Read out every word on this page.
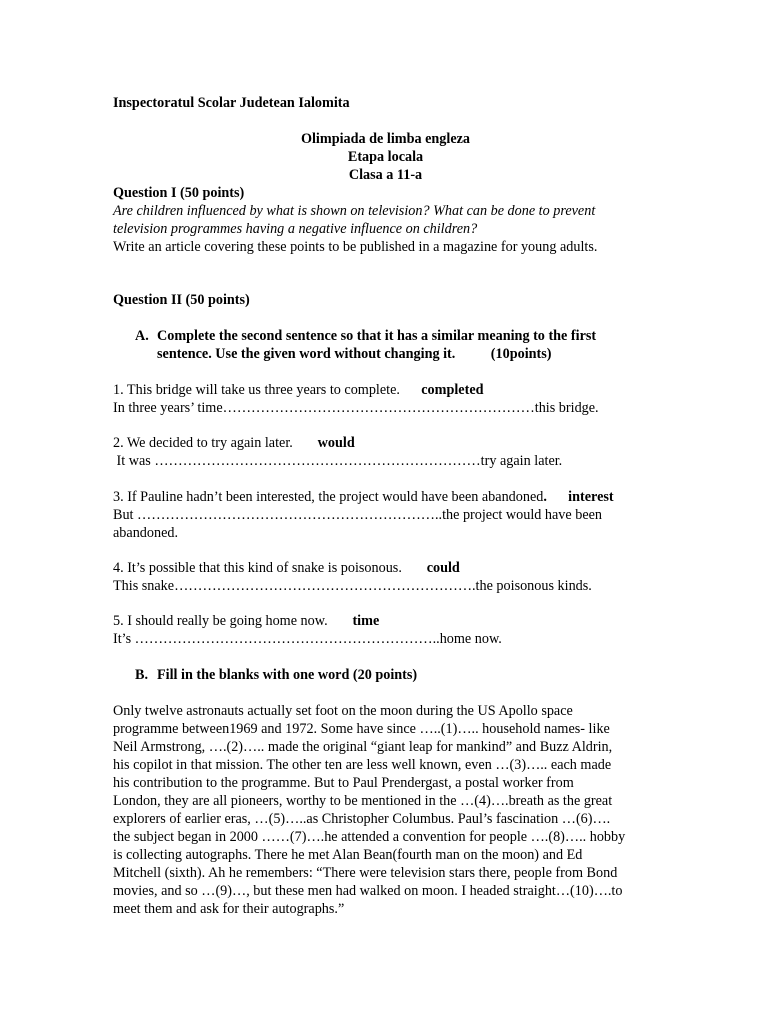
Inspectoratul Scolar Judetean Ialomita

Olimpiada de limba engleza

Etapa locala

Clasa a 11-a

Question I (50 points)

Are children influenced by what is shown on television? What can be done to prevent

television programmes having a negative influence on children?

Write an article covering these points to be published in a magazine for young adults.

Question II (50 points)

A. Complete the second sentence so that it has a similar meaning to the first

sentence. Use the given word without changing it.          (10points)

1. This bridge will take us three years to complete.      completed

In three years’ time…………………………………………………………this bridge.

2. We decided to try again later.       would

It was ……………………………………………………………try again later.

3. If Pauline hadn’t been interested, the project would have been abandoned. interest

But ………………………………………………………..the project would have been

abandoned.

4. It’s possible that this kind of snake is poisonous.       could

This snake……………………………………………………….the poisonous kinds.

5. I should really be going home now.       time

It’s ………………………………………………………..home now.

B. Fill in the blanks with one word (20 points)

Only twelve astronauts actually set foot on the moon during the US Apollo space

programme between1969 and 1972. Some have since …..(1)….. household names- like

Neil Armstrong, ….(2)….. made the original “giant leap for mankind” and Buzz Aldrin,

his copilot in that mission. The other ten are less well known, even …(3)….. each made

his contribution to the programme. But to Paul Prendergast, a postal worker from

London, they are all pioneers, worthy to be mentioned in the …(4)….breath as the great

explorers of earlier eras, …(5)…..as Christopher Columbus. Paul’s fascination …(6)….

the subject began in 2000 ……(7)….he attended a convention for people ….(8)….. hobby

is collecting autographs. There he met Alan Bean(fourth man on the moon) and Ed

Mitchell (sixth). Ah he remembers: “There were television stars there, people from Bond

movies, and so …(9)…, but these men had walked on moon. I headed straight…(10)….to

meet them and ask for their autographs.”
